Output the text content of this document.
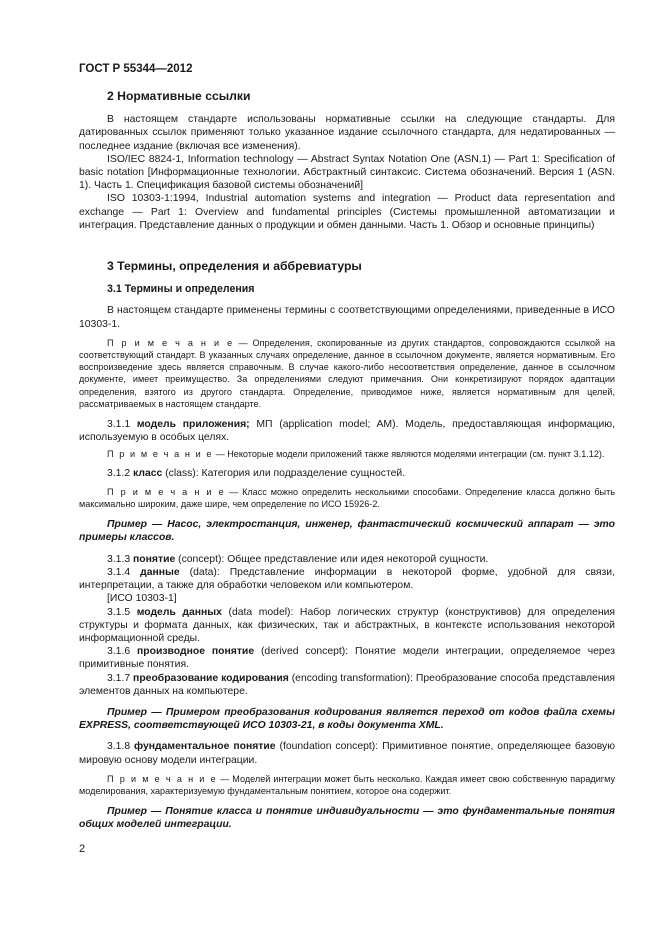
ГОСТ Р 55344—2012
2 Нормативные ссылки

В настоящем стандарте использованы нормативные ссылки на следующие стандарты. Для датированных ссылок применяют только указанное издание ссылочного стандарта, для недатированных — последнее издание (включая все изменения).

ISO/IEC 8824-1, Information technology — Abstract Syntax Notation One (ASN.1) — Part 1: Specification of basic notation [Информационные технологии. Абстрактный синтаксис. Система обозначений. Версия 1 (ASN. 1). Часть 1. Спецификация базовой системы обозначений]

ISO 10303-1:1994, Industrial automation systems and integration — Product data representation and exchange — Part 1: Overview and fundamental principles (Системы промышленной автоматизации и интеграция. Представление данных о продукции и обмен данными. Часть 1. Обзор и основные принципы)

3 Термины, определения и аббревиатуры
3.1 Термины и определения

В настоящем стандарте применены термины с соответствующими определениями, приведенные в ИСО 10303-1.

П р и м е ч а н и е — Определения, скопированные из других стандартов, сопровождаются ссылкой на соответствующий стандарт. В указанных случаях определение, данное в ссылочном документе, является нормативным. Его воспроизведение здесь является справочным. В случае какого-либо несоответствия определение, данное в ссылочном документе, имеет преимущество. За определениями следуют примечания. Они конкретизируют порядок адаптации определения, взятого из другого стандарта. Определение, приводимое ниже, является нормативным для целей, рассматриваемых в настоящем стандарте.

3.1.1 модель приложения; МП (application model; AM). Модель, предоставляющая информацию, используемую в особых целях.

П р и м е ч а н и е — Некоторые модели приложений также являются моделями интеграции (см. пункт 3.1.12).

3.1.2 класс (class): Категория или подразделение сущностей.

П р и м е ч а н и е — Класс можно определить несколькими способами. Определение класса должно быть максимально широким, даже шире, чем определение по ИСО 15926-2.

Пример — Насос, электростанция, инженер, фантастический космический аппарат — это примеры классов.

3.1.3 понятие (concept): Общее представление или идея некоторой сущности.

3.1.4 данные (data): Представление информации в некоторой форме, удобной для связи, интерпретации, а также для обработки человеком или компьютером.

[ИСО 10303-1]

3.1.5 модель данных (data model): Набор логических структур (конструктивов) для определения структуры и формата данных, как физических, так и абстрактных, в контексте использования некоторой информационной среды.

3.1.6 производное понятие (derived concept): Понятие модели интеграции, определяемое через примитивные понятия.

3.1.7 преобразование кодирования (encoding transformation): Преобразование способа представления элементов данных на компьютере.

Пример — Примером преобразования кодирования является переход от кодов файла схемы EXPRESS, соответствующей ИСО 10303-21, в коды документа XML.

3.1.8 фундаментальное понятие (foundation concept): Примитивное понятие, определяющее базовую мировую основу модели интеграции.

П р и м е ч а н и е — Моделей интеграции может быть несколько. Каждая имеет свою собственную парадигму моделирования, характеризуемую фундаментальным понятием, которое она содержит.

Пример — Понятие класса и понятие индивидуальности — это фундаментальные понятия общих моделей интеграции.

2
